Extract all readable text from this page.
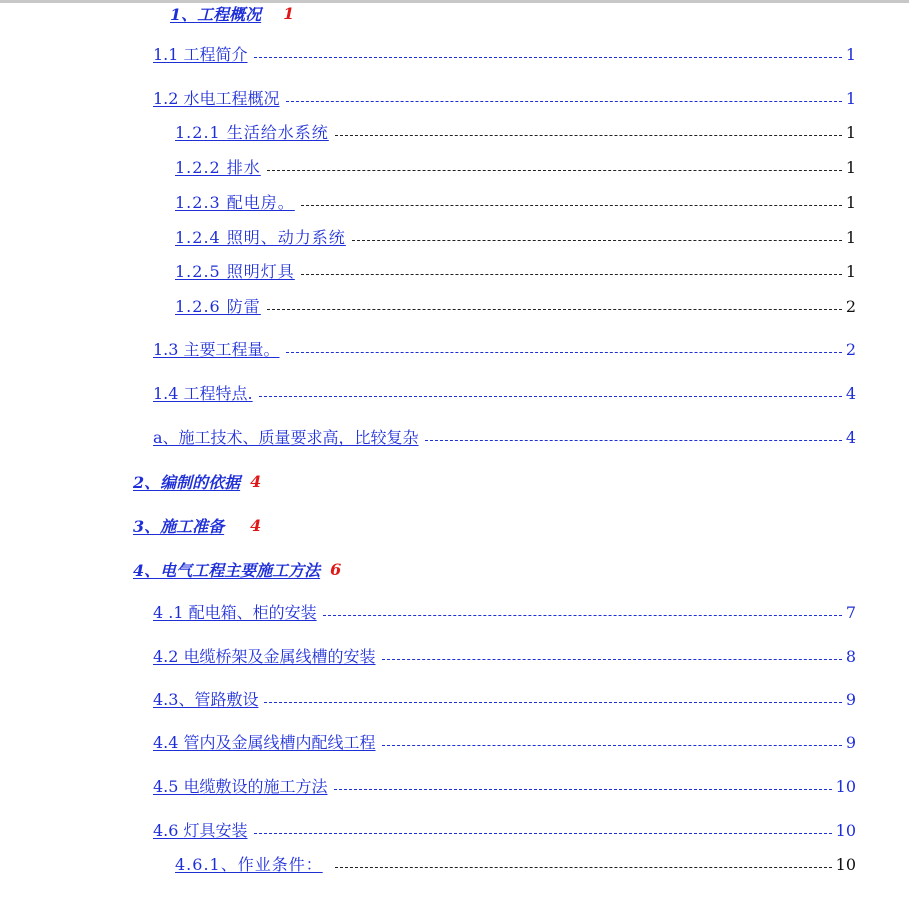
1、工程概况 1
1.1 工程简介	1
1.2 水电工程概况	1
1.2.1 生活给水系统	1
1.2.2 排水	1
1.2.3 配电房。	1
1.2.4 照明、动力系统	1
1.2.5 照明灯具	1
1.2.6 防雷	2
1.3 主要工程量。	2
1.4 工程特点.	4
a、施工技术、质量要求高，比较复杂	4
2、编制的依据 4
3、施工准备 4
4、电气工程主要施工方法 6
4 .1 配电箱、柜的安装	7
4.2 电缆桥架及金属线槽的安装	8
4.3、管路敷设	9
4.4 管内及金属线槽内配线工程	9
4.5 电缆敷设的施工方法	10
4.6 灯具安装	10
4.6.1、作业条件：	10
